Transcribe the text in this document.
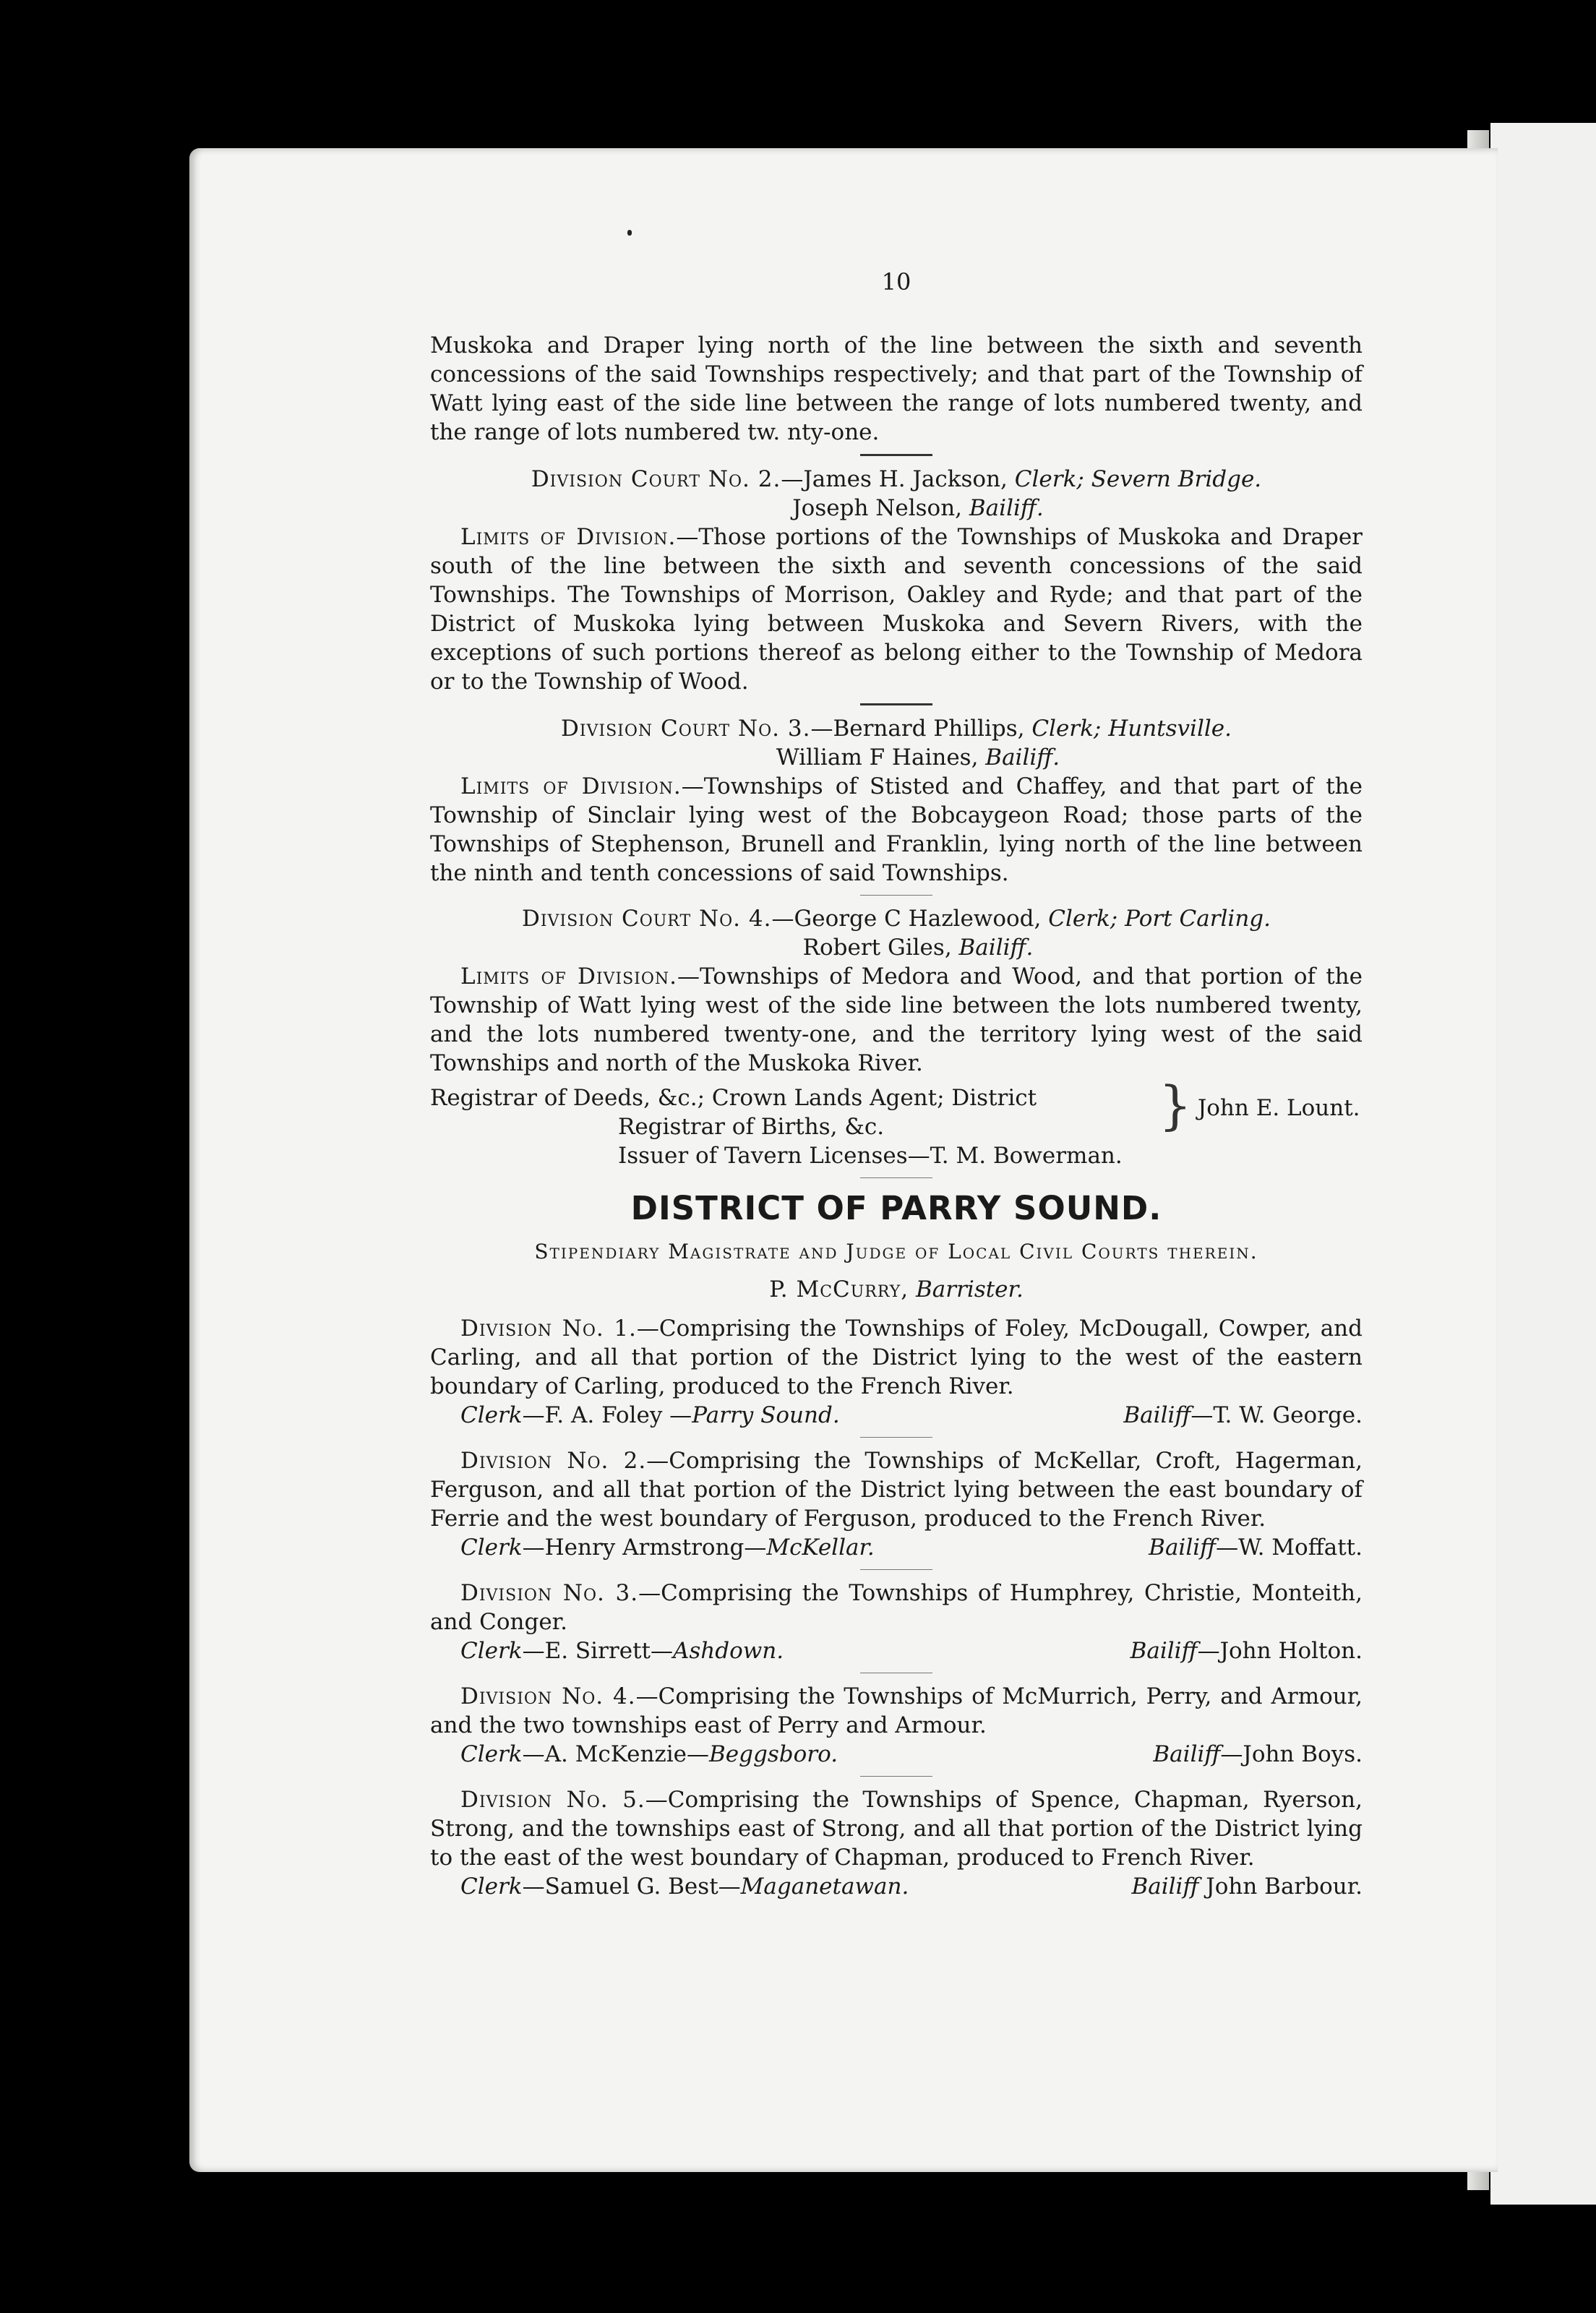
10

Muskoka and Draper lying north of the line between the sixth and seventh concessions of the said Townships respectively; and that part of the Township of Watt lying east of the side line between the range of lots numbered twenty, and the range of lots numbered tw. nty-one.

Division Court No. 2.—James H. Jackson, Clerk; Severn Bridge.
Joseph Nelson, Bailiff.

Limits of Division.—Those portions of the Townships of Muskoka and Draper south of the line between the sixth and seventh concessions of the said Townships. The Townships of Morrison, Oakley and Ryde; and that part of the District of Muskoka lying between Muskoka and Severn Rivers, with the exceptions of such portions thereof as belong either to the Township of Medora or to the Township of Wood.

Division Court No. 3.—Bernard Phillips, Clerk; Huntsville.
William F Haines, Bailiff.

Limits of Division.—Townships of Stisted and Chaffey, and that part of the Township of Sinclair lying west of the Bobcaygeon Road; those parts of the Townships of Stephenson, Brunell and Franklin, lying north of the line between the ninth and tenth concessions of said Townships.

Division Court No. 4.—George C Hazlewood, Clerk; Port Carling.
Robert Giles, Bailiff.

Limits of Division.—Townships of Medora and Wood, and that portion of the Township of Watt lying west of the side line between the lots numbered twenty, and the lots numbered twenty-one, and the territory lying west of the said Townships and north of the Muskoka River.

Registrar of Deeds, &c.; Crown Lands Agent; District
Registrar of Births, &c.	} John E. Lount.
Issuer of Tavern Licenses—T. M. Bowerman.
DISTRICT OF PARRY SOUND.
Stipendiary Magistrate and Judge of Local Civil Courts therein.
P. McCurry, Barrister.

Division No. 1.—Comprising the Townships of Foley, McDougall, Cowper, and Carling, and all that portion of the District lying to the west of the eastern boundary of Carling, produced to the French River.

Clerk—F. A. Foley —Parry Sound.	Bailiff—T. W. George.

Division No. 2.—Comprising the Townships of McKellar, Croft, Hagerman, Ferguson, and all that portion of the District lying between the east boundary of Ferrie and the west boundary of Ferguson, produced to the French River.

Clerk—Henry Armstrong—McKellar.	Bailiff—W. Moffatt.

Division No. 3.—Comprising the Townships of Humphrey, Christie, Monteith, and Conger.

Clerk—E. Sirrett—Ashdown.	Bailiff—John Holton.

Division No. 4.—Comprising the Townships of McMurrich, Perry, and Armour, and the two townships east of Perry and Armour.

Clerk—A. McKenzie—Beggsboro.	Bailiff—John Boys.

Division No. 5.—Comprising the Townships of Spence, Chapman, Ryerson, Strong, and the townships east of Strong, and all that portion of the District lying to the east of the west boundary of Chapman, produced to French River.

Clerk—Samuel G. Best—Maganetawan.	Bailiff John Barbour.
